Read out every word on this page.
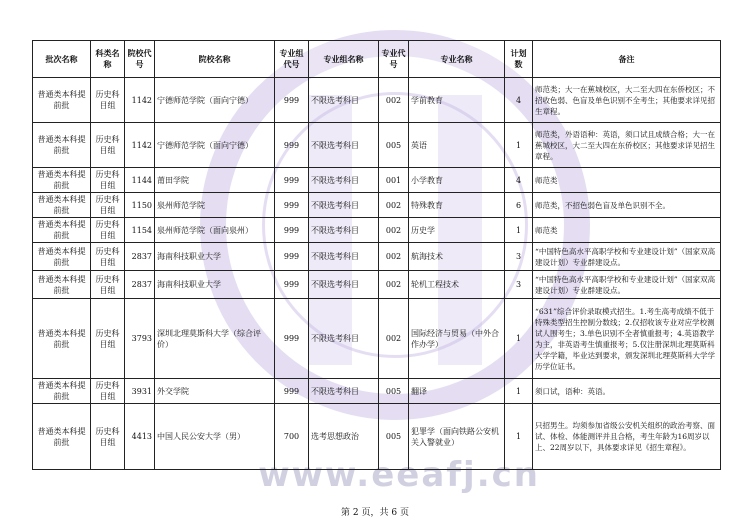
www.eeafj.cn
批次名称	科类名称	院校代号	院校名称	专业组代号	专业组名称	专业代号	专业名称	计划数	备注
普通类本科提前批	历史科目组	1142	宁德师范学院（面向宁德）	999	不限选考科目	002	学前教育	4	师范类；大一在蕉城校区，大二至大四在东侨校区；不招收色弱、色盲及单色识别不全考生；其他要求详见招生章程。
普通类本科提前批	历史科目组	1142	宁德师范学院（面向宁德）	999	不限选考科目	005	英语	1	师范类，外语语种：英语，须口试且成绩合格；大一在蕉城校区，大二至大四在东侨校区；其他要求详见招生章程。
普通类本科提前批	历史科目组	1144	莆田学院	999	不限选考科目	001	小学教育	4	师范类
普通类本科提前批	历史科目组	1150	泉州师范学院	999	不限选考科目	002	特殊教育	6	师范类，不招色弱色盲及单色识别不全。
普通类本科提前批	历史科目组	1154	泉州师范学院（面向泉州）	999	不限选考科目	002	历史学	1	师范类
普通类本科提前批	历史科目组	2837	海南科技职业大学	999	不限选考科目	002	航海技术	3	“中国特色高水平高职学校和专业建设计划”（国家双高建设计划）专业群建设点。
普通类本科提前批	历史科目组	2837	海南科技职业大学	999	不限选考科目	002	轮机工程技术	3	“中国特色高水平高职学校和专业建设计划”（国家双高建设计划）专业群建设点。
普通类本科提前批	历史科目组	3793	深圳北理莫斯科大学（综合评价）	999	不限选考科目	002	国际经济与贸易（中外合作办学）	1	“631”综合评价录取模式招生。1.考生高考成绩不低于特殊类型招生控制分数线；2.仅招收该专业对应学校测试人围考生；3.单色识别不全者慎重报考；4.英语教学为主，非英语考生慎重报考；5.仅注册深圳北理莫斯科大学学籍，毕业达到要求，颁发深圳北理莫斯科大学学历学位证书。
普通类本科提前批	历史科目组	3931	外交学院	999	不限选考科目	005	翻译	1	须口试，语种：英语。
普通类本科提前批	历史科目组	4413	中国人民公安大学（男）	700	选考思想政治	005	犯罪学（面向铁路公安机关入警就业）	1	只招男生。均须参加省级公安机关组织的政治考察、面试、体检、体能测评并且合格，考生年龄为16周岁以上、22周岁以下，具体要求详见《招生章程》。
第 2 页，共 6 页
